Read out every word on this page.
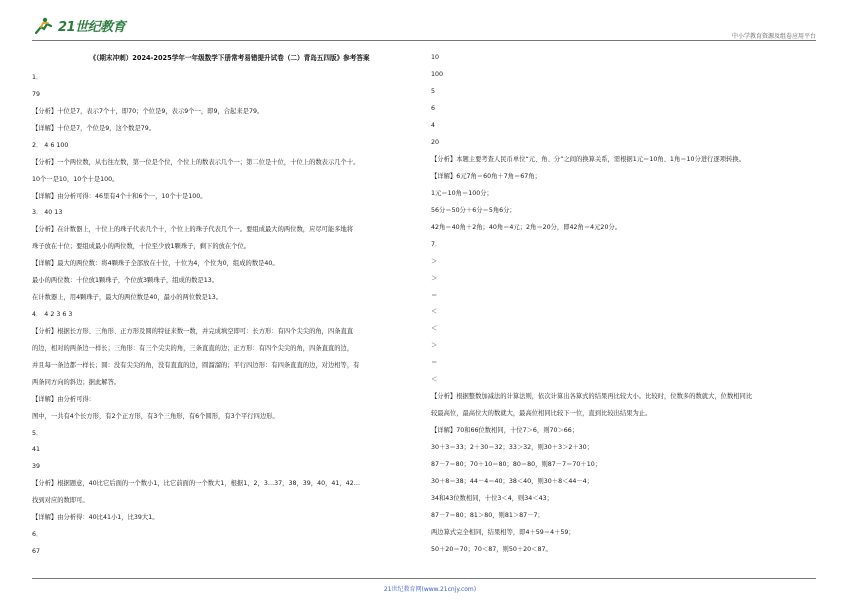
21世纪教育
中小学教育资源及组卷应用平台
《（期末冲刺）2024-2025学年一年级数学下册常考易错提升试卷（二）青岛五四版》参考答案
1．
79
【分析】十位是7，表示7个十，即70；个位是9，表示9个一，即9，合起来是79。
【详解】十位是7，个位是9，这个数是79。
2． 4 6 100
【分析】一个两位数，从右往左数，第一位是个位，个位上的数表示几个一；第二位是十位，十位上的数表示几个十。
10个一是10，10个十是100。
【详解】由分析可得：46里有4个十和6个一，10个十是100。
3． 40 13
【分析】在计数器上，十位上的珠子代表几个十，个位上的珠子代表几个一。要组成最大的两位数，应尽可能多地将
珠子放在十位；要组成最小的两位数，十位至少放1颗珠子，剩下的放在个位。
【详解】最大的两位数：将4颗珠子全部放在十位，十位为4，个位为0，组成的数是40。
最小的两位数：十位放1颗珠子，个位放3颗珠子，组成的数是13。
在计数器上，用4颗珠子，最大的两位数是40，最小的两位数是13。
4． 4 2 3 6 3
【分析】根据长方形、三角形、正方形及圆的特征来数一数，并完成填空即可：长方形：有四个尖尖的角，四条直直
的边，相对的两条边一样长；三角形：有三个尖尖的角，三条直直的边；正方形：有四个尖尖的角，四条直直的边，
并且每一条边都一样长；圆：没有尖尖的角，没有直直的边，圆溜溜的；平行四边形：有四条直直的边，对边相等，有
两条同方向的斜边；据此解答。
【详解】由分析可得：
图中，一共有4个长方形，有2个正方形，有3个三角形，有6个圆形，有3个平行四边形。
5．
41
39
【分析】根据题意，40比它后面的一个数小1，比它前面的一个数大1，根据1，2，3…37，38，39，40，41，42…
找到对应的数即可。
【详解】由分析得：40比41小1，比39大1。
6．
67
10
100
5
6
4
20
【分析】本题主要考查人民币单位“元、角、分”之间的换算关系，需根据1元＝10角、1角＝10分进行逐项转换。
【详解】6元7角＝60角＋7角＝67角；
1元＝10角＝100分；
56分＝50分＋6分＝5角6分；
42角＝40角＋2角；40角＝4元；2角＝20分，即42角＝4元20分。
7．
＞
＞
＝
＜
＜
＞
＝
＜
【分析】根据整数加减法的计算法则，依次计算出各算式的结果再比较大小。比较时，位数多的数就大，位数相同比
较最高位，最高位大的数就大，最高位相同比较下一位，直到比较出结果为止。
【详解】70和66位数相同，十位7＞6，则70＞66；
30＋3＝33；2＋30＝32；33＞32，则30＋3＞2＋30；
87－7＝80；70＋10＝80；80＝80，则87－7＝70＋10；
30＋8＝38；44－4＝40；38＜40，则30＋8＜44－4；
34和43位数相同，十位3＜4，则34＜43；
87－7＝80；81＞80，则81＞87－7；
两边算式完全相同，结果相等，即4＋59＝4＋59；
50＋20＝70；70＜87，则50＋20＜87。
21世纪教育网(www.21cnjy.com)
